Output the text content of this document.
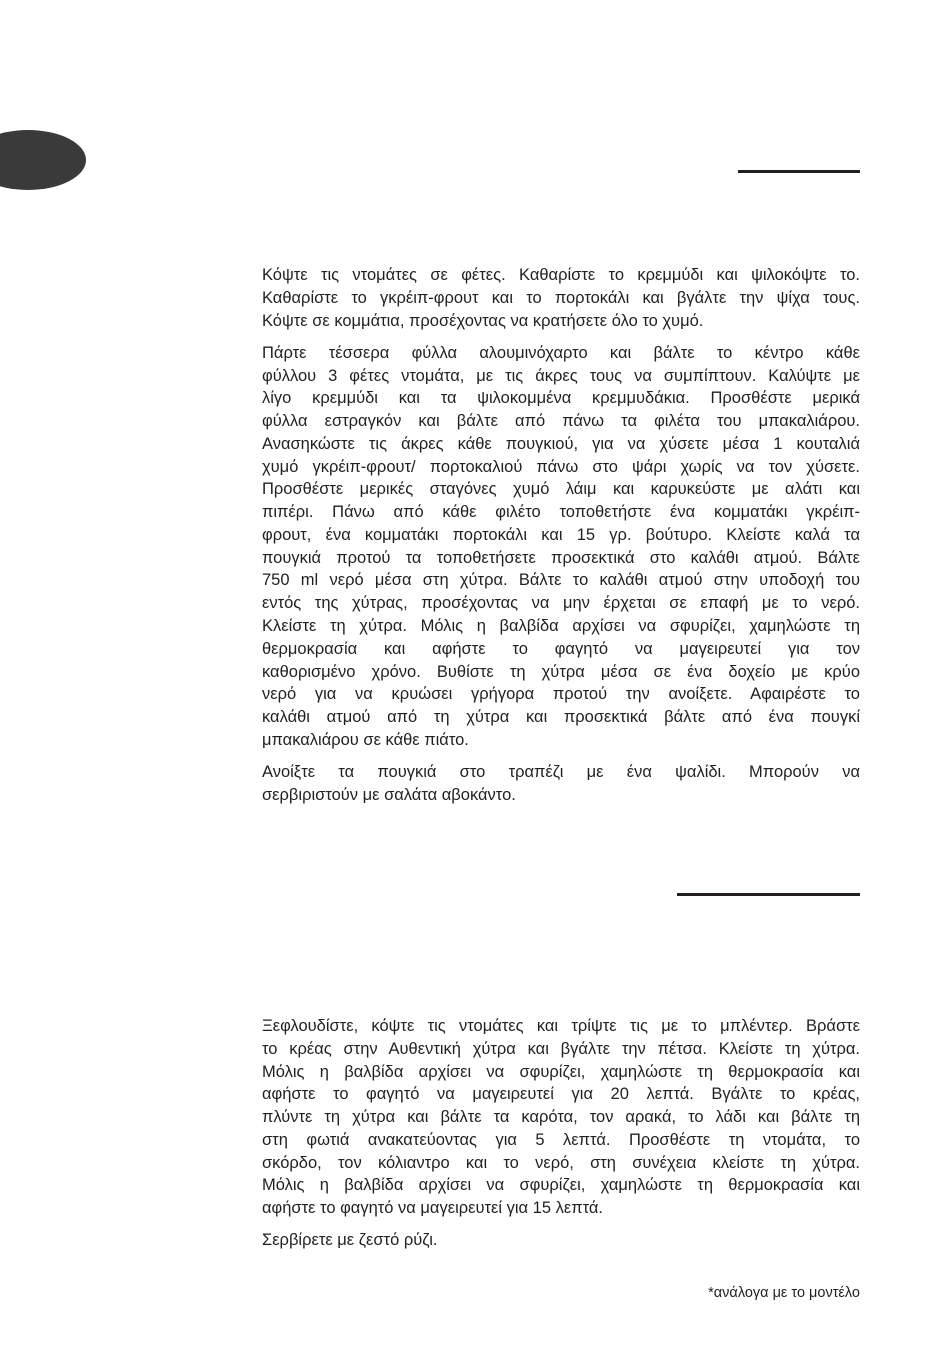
Κόψτε τις ντομάτες σε φέτες. Καθαρίστε το κρεμμύδι και ψιλοκόψτε το.
Καθαρίστε το γκρέιπ-φρουτ και το πορτοκάλι και βγάλτε την ψίχα τους.
Κόψτε σε κομμάτια, προσέχοντας να κρατήσετε όλο το χυμό.
Πάρτε τέσσερα φύλλα αλουμινόχαρτο και βάλτε το κέντρο κάθε
φύλλου 3 φέτες ντομάτα, με τις άκρες τους να συμπίπτουν. Καλύψτε με
λίγο κρεμμύδι και τα ψιλοκομμένα κρεμμυδάκια. Προσθέστε μερικά
φύλλα εστραγκόν και βάλτε από πάνω τα φιλέτα του μπακαλιάρου.
Ανασηκώστε τις άκρες κάθε πουγκιού, για να χύσετε μέσα 1 κουταλιά
χυμό γκρέιπ-φρουτ/ πορτοκαλιού πάνω στο ψάρι χωρίς να τον χύσετε.
Προσθέστε μερικές σταγόνες χυμό λάιμ και καρυκεύστε με αλάτι και
πιπέρι. Πάνω από κάθε φιλέτο τοποθετήστε ένα κομματάκι γκρέιπ-
φρουτ, ένα κομματάκι πορτοκάλι και 15 γρ. βούτυρο. Κλείστε καλά τα
πουγκιά προτού τα τοποθετήσετε προσεκτικά στο καλάθι ατμού. Βάλτε
750 ml νερό μέσα στη χύτρα. Βάλτε το καλάθι ατμού στην υποδοχή του
εντός της χύτρας, προσέχοντας να μην έρχεται σε επαφή με το νερό.
Κλείστε τη χύτρα. Μόλις η βαλβίδα αρχίσει να σφυρίζει, χαμηλώστε τη
θερμοκρασία και αφήστε το φαγητό να μαγειρευτεί για τον
καθορισμένο χρόνο. Βυθίστε τη χύτρα μέσα σε ένα δοχείο με κρύο
νερό για να κρυώσει γρήγορα προτού την ανοίξετε. Αφαιρέστε το
καλάθι ατμού από τη χύτρα και προσεκτικά βάλτε από ένα πουγκί
μπακαλιάρου σε κάθε πιάτο.
Ανοίξτε τα πουγκιά στο τραπέζι με ένα ψαλίδι. Μπορούν να
σερβιριστούν με σαλάτα αβοκάντο.
Ξεφλουδίστε, κόψτε τις ντομάτες και τρίψτε τις με το μπλέντερ. Βράστε
το κρέας στην Αυθεντική χύτρα και βγάλτε την πέτσα. Κλείστε τη χύτρα.
Μόλις η βαλβίδα αρχίσει να σφυρίζει, χαμηλώστε τη θερμοκρασία και
αφήστε το φαγητό να μαγειρευτεί για 20 λεπτά. Βγάλτε το κρέας,
πλύντε τη χύτρα και βάλτε τα καρότα, τον αρακά, το λάδι και βάλτε τη
στη φωτιά ανακατεύοντας για 5 λεπτά. Προσθέστε τη ντομάτα, το
σκόρδο, τον κόλιαντρο και το νερό, στη συνέχεια κλείστε τη χύτρα.
Μόλις η βαλβίδα αρχίσει να σφυρίζει, χαμηλώστε τη θερμοκρασία και
αφήστε το φαγητό να μαγειρευτεί για 15 λεπτά.
Σερβίρετε με ζεστό ρύζι.
*ανάλογα με το μοντέλο
